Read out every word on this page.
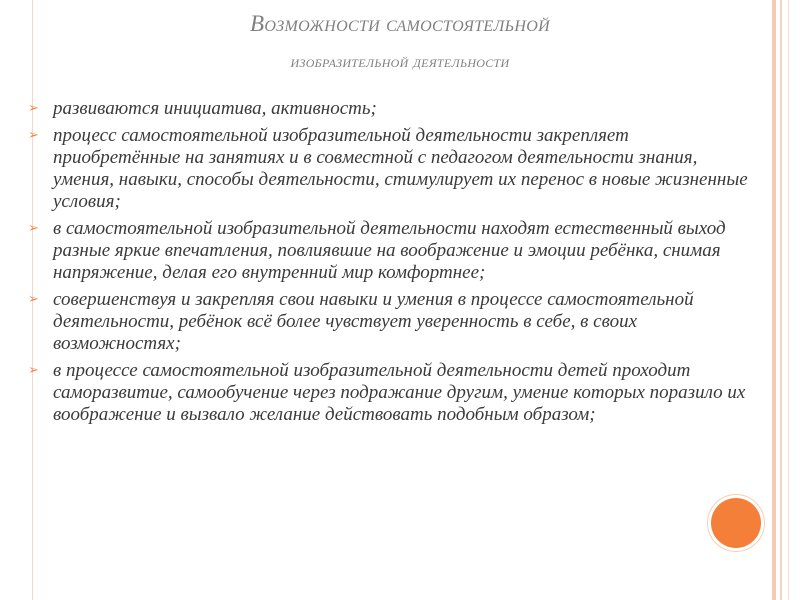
Возможности самостоятельной
изобразительной деятельности
➢ развиваются инициатива, активность;
➢ процесс самостоятельной изобразительной деятельности закрепляет приобретённые на занятиях и в совместной с педагогом деятельности знания, умения, навыки, способы деятельности, стимулирует их перенос в новые жизненные условия;
➢ в самостоятельной изобразительной деятельности находят естественный выход разные яркие впечатления, повлиявшие на воображение и эмоции ребёнка, снимая напряжение, делая его внутренний мир комфортнее;
➢ совершенствуя и закрепляя свои навыки и умения в процессе самостоятельной деятельности, ребёнок всё более чувствует уверенность в себе, в своих возможностях;
➢ в процессе самостоятельной изобразительной деятельности детей проходит саморазвитие, самообучение через подражание другим, умение которых поразило их воображение и вызвало желание действовать подобным образом;
